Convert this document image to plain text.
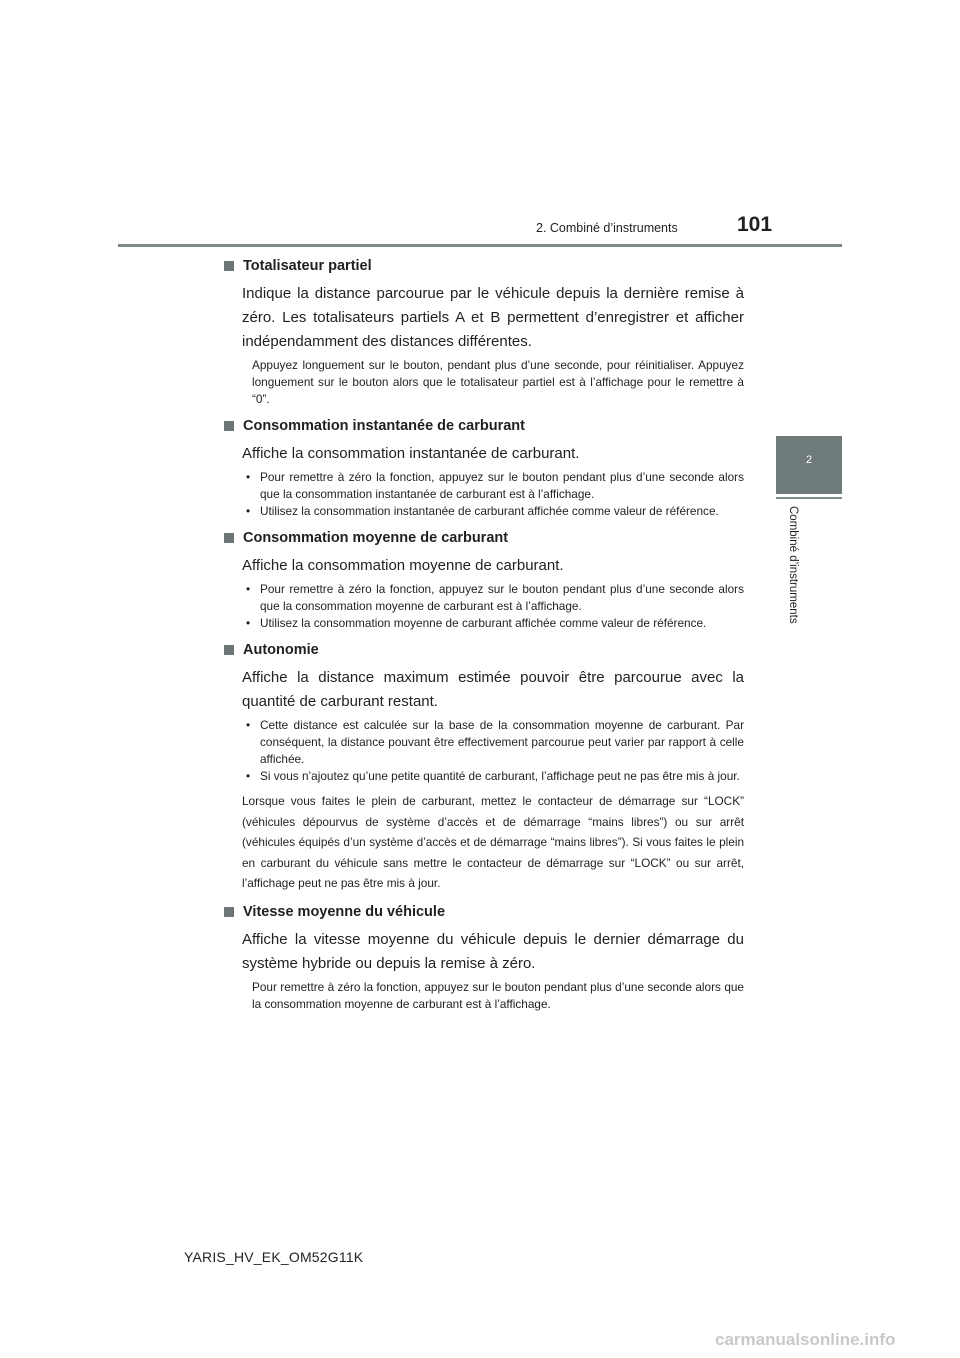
2. Combiné d’instruments	101
2
Combiné d’instruments
Totalisateur partiel
Indique la distance parcourue par le véhicule depuis la dernière remise à zéro. Les totalisateurs partiels A et B permettent d’enregistrer et afficher indépendamment des distances différentes.
Appuyez longuement sur le bouton, pendant plus d’une seconde, pour réinitialiser. Appuyez longuement sur le bouton alors que le totalisateur partiel est à l’affichage pour le remettre à “0”.
Consommation instantanée de carburant
Affiche la consommation instantanée de carburant.
• Pour remettre à zéro la fonction, appuyez sur le bouton pendant plus d’une seconde alors que la consommation instantanée de carburant est à l’affichage.
• Utilisez la consommation instantanée de carburant affichée comme valeur de référence.
Consommation moyenne de carburant
Affiche la consommation moyenne de carburant.
• Pour remettre à zéro la fonction, appuyez sur le bouton pendant plus d’une seconde alors que la consommation moyenne de carburant est à l’affichage.
• Utilisez la consommation moyenne de carburant affichée comme valeur de référence.
Autonomie
Affiche la distance maximum estimée pouvoir être parcourue avec la quantité de carburant restant.
• Cette distance est calculée sur la base de la consommation moyenne de carburant. Par conséquent, la distance pouvant être effectivement parcourue peut varier par rapport à celle affichée.
• Si vous n’ajoutez qu’une petite quantité de carburant, l’affichage peut ne pas être mis à jour.
Lorsque vous faites le plein de carburant, mettez le contacteur de démarrage sur “LOCK” (véhicules dépourvus de système d’accès et de démarrage “mains libres”) ou sur arrêt (véhicules équipés d’un système d’accès et de démarrage “mains libres”). Si vous faites le plein en carburant du véhicule sans mettre le contacteur de démarrage sur “LOCK” ou sur arrêt, l’affichage peut ne pas être mis à jour.
Vitesse moyenne du véhicule
Affiche la vitesse moyenne du véhicule depuis le dernier démarrage du système hybride ou depuis la remise à zéro.
Pour remettre à zéro la fonction, appuyez sur le bouton pendant plus d’une seconde alors que la consommation moyenne de carburant est à l’affichage.
YARIS_HV_EK_OM52G11K
carmanualsonline.info
